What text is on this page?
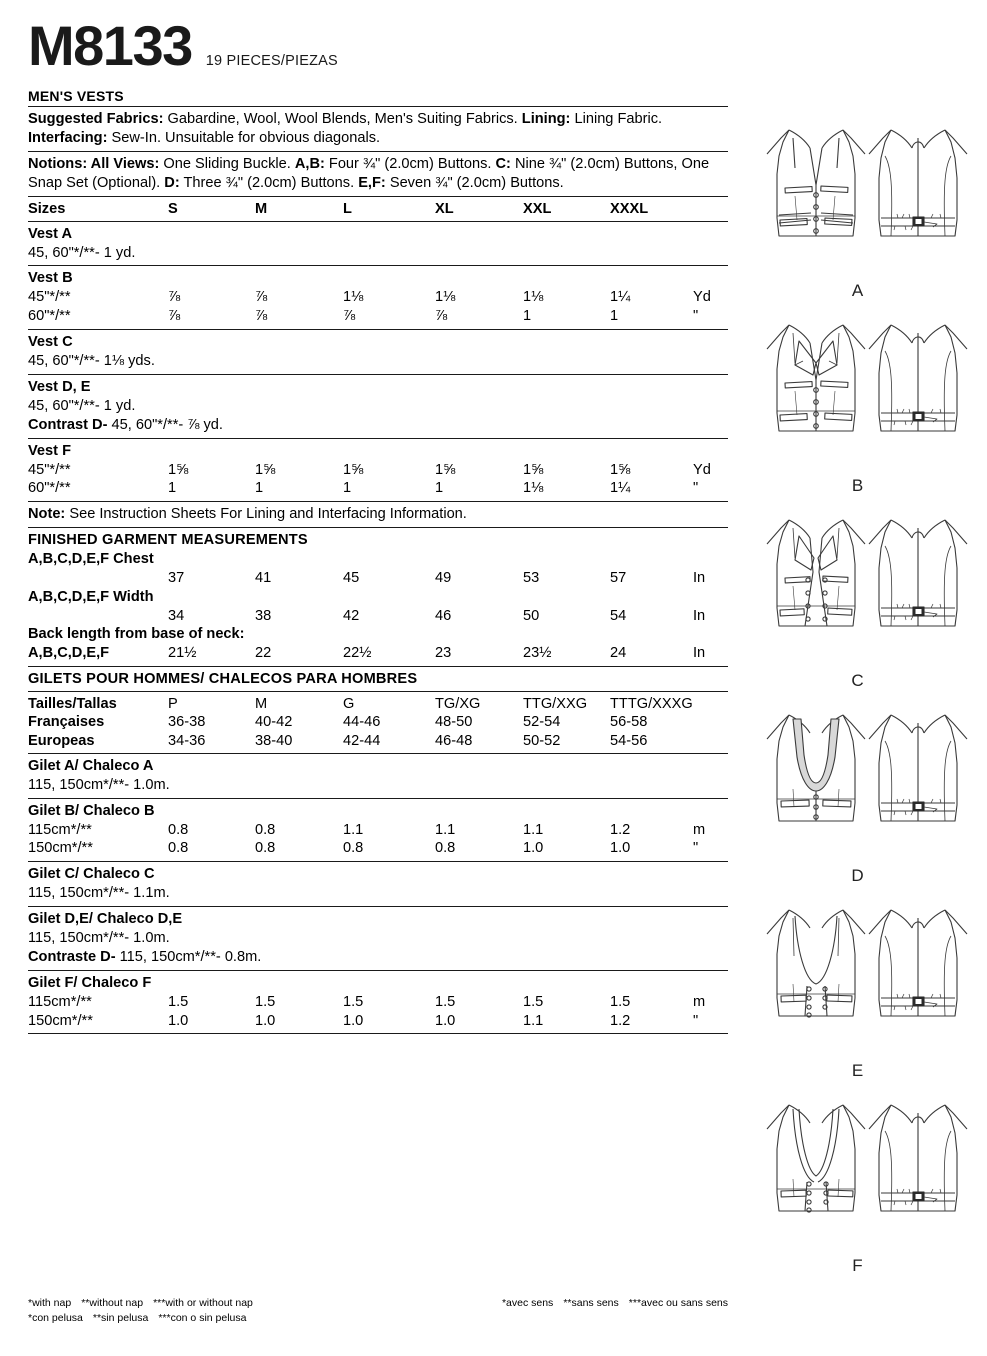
M8133 19 PIECES/PIEZAS
MEN'S VESTS
Suggested Fabrics: Gabardine, Wool, Wool Blends, Men's Suiting Fabrics. Lining: Lining Fabric. Interfacing: Sew-In. Unsuitable for obvious diagonals.
Notions: All Views: One Sliding Buckle. A,B: Four ¾" (2.0cm) Buttons. C: Nine ¾" (2.0cm) Buttons, One Snap Set (Optional). D: Three ¾" (2.0cm) Buttons. E,F: Seven ¾" (2.0cm) Buttons.
Sizes	S	M	L	XL	XXL	XXXL	
Vest A
45, 60"*/**- 1 yd.
Vest B
45"*/**	⅞	⅞	1⅛	1⅛	1⅛	1¼	Yd
60"*/**	⅞	⅞	⅞	⅞	1	1	"
Vest C
45, 60"*/**- 1⅛ yds.
Vest D, E
45, 60"*/**- 1 yd.
Contrast D- 45, 60"*/**- ⅞ yd.
Vest F
45"*/**	1⅝	1⅝	1⅝	1⅝	1⅝	1⅝	Yd
60"*/**	1	1	1	1	1⅛	1¼	"
Note: See Instruction Sheets For Lining and Interfacing Information.
FINISHED GARMENT MEASUREMENTS
A,B,C,D,E,F Chest
	37	41	45	49	53	57	In
A,B,C,D,E,F Width
	34	38	42	46	50	54	In
Back length from base of neck:
A,B,C,D,E,F	21½	22	22½	23	23½	24	In
GILETS POUR HOMMES/ CHALECOS PARA HOMBRES
Tailles/Tallas	P	M	G	TG/XG	TTG/XXG	TTTG/XXXG	
Françaises	36-38	40-42	44-46	48-50	52-54	56-58	
Europeas	34-36	38-40	42-44	46-48	50-52	54-56	
Gilet A/ Chaleco A
115, 150cm*/**- 1.0m.
Gilet B/ Chaleco B
115cm*/**	0.8	0.8	1.1	1.1	1.1	1.2	m
150cm*/**	0.8	0.8	0.8	0.8	1.0	1.0	"
Gilet C/ Chaleco C
115, 150cm*/**- 1.1m.
Gilet D,E/ Chaleco D,E
115, 150cm*/**- 1.0m.
Contraste D- 115, 150cm*/**- 0.8m.
Gilet F/ Chaleco F
115cm*/**	1.5	1.5	1.5	1.5	1.5	1.5	m
150cm*/**	1.0	1.0	1.0	1.0	1.1	1.2	"
*with nap **without nap ***with or without nap	*avec sens **sans sens ***avec ou sans sens
*con pelusa **sin pelusa ***con o sin pelusa
A
B
C
D
E
F
